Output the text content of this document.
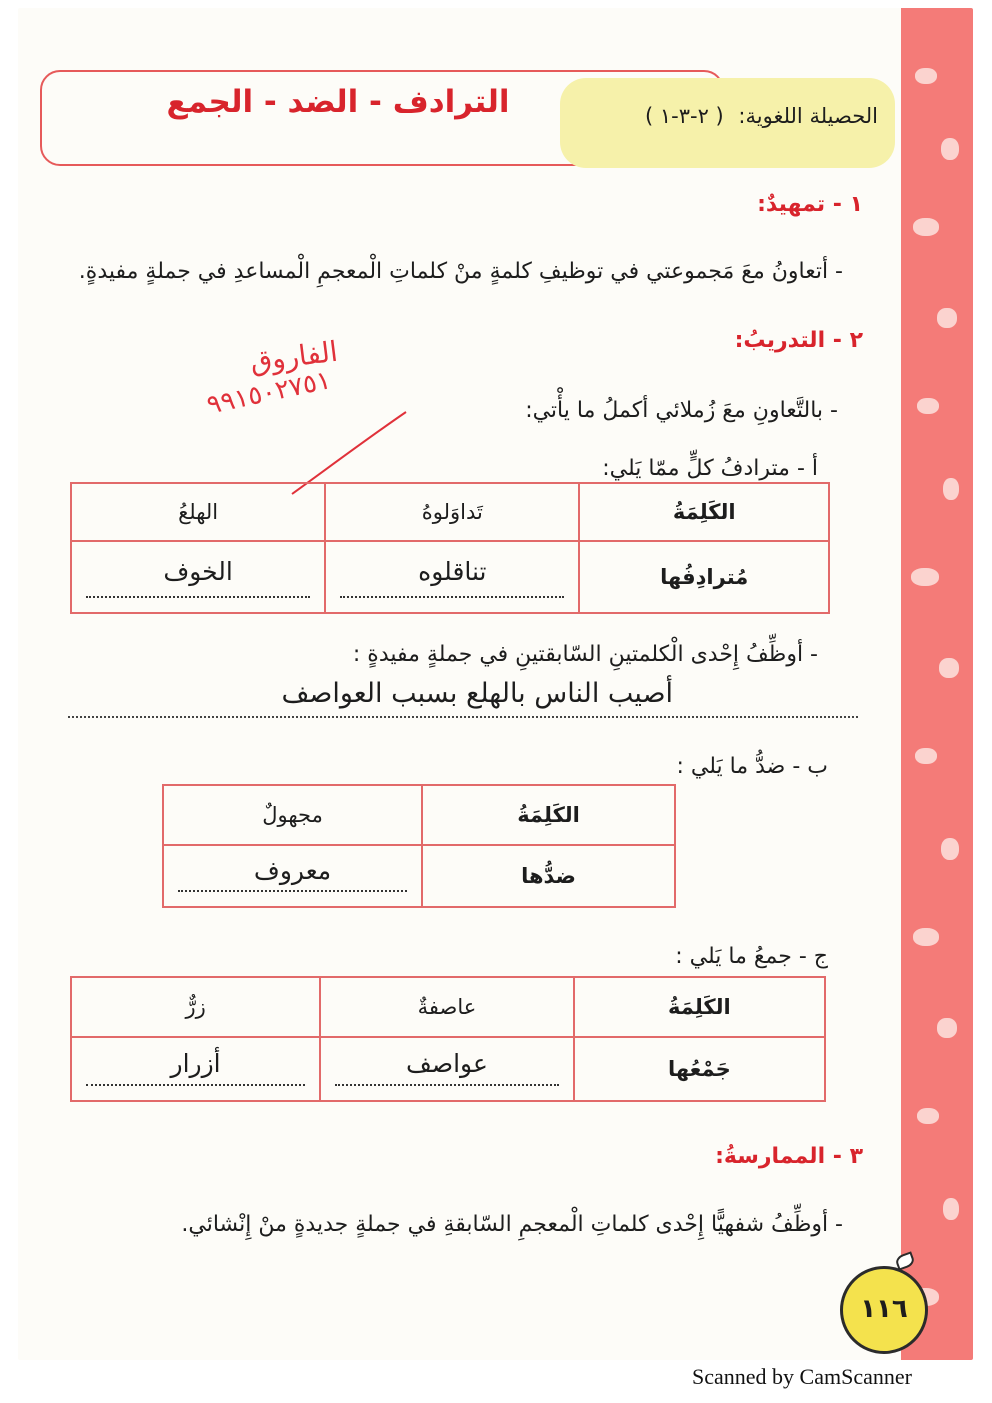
الترادف - الضد - الجمع	الحصيلة اللغوية: ( ٢-٣-١ )
١ - تمهيدٌ:
- أتعاونُ معَ مَجموعتي في توظيفِ كلمةٍ منْ كلماتِ الْمعجمِ الْمساعدِ في جملةٍ مفيدةٍ.
٢ - التدريبُ:
الفاروق
٩٩١٥٠٢٧٥١	- بالتَّعاونِ معَ زُملائي أكملُ ما يأْتي:
أ - مترادفُ كلٍّ ممّا يَلي:
الكَلِمَةُ	تَداوَلوهُ	الهلعُ
مُترادِفُها	تناقلوه	الخوف
- أوظِّفُ إِحْدى الْكلمتينِ السّابقتينِ في جملةٍ مفيدةٍ :
أصيب الناس بالهلع بسبب العواصف
ب - ضدُّ ما يَلي :
الكَلِمَةُ	مجهولٌ
ضدُّها	معروف
ج - جمعُ ما يَلي :
الكَلِمَةُ	عاصفةٌ	زرٌّ
جَمْعُها	عواصف	أزرار
٣ - الممارسةُ:
- أوظِّفُ شفهيًّا إِحْدى كلماتِ الْمعجمِ السّابقةِ في جملةٍ جديدةٍ منْ إِنْشائي.
١١٦
Scanned by CamScanner
